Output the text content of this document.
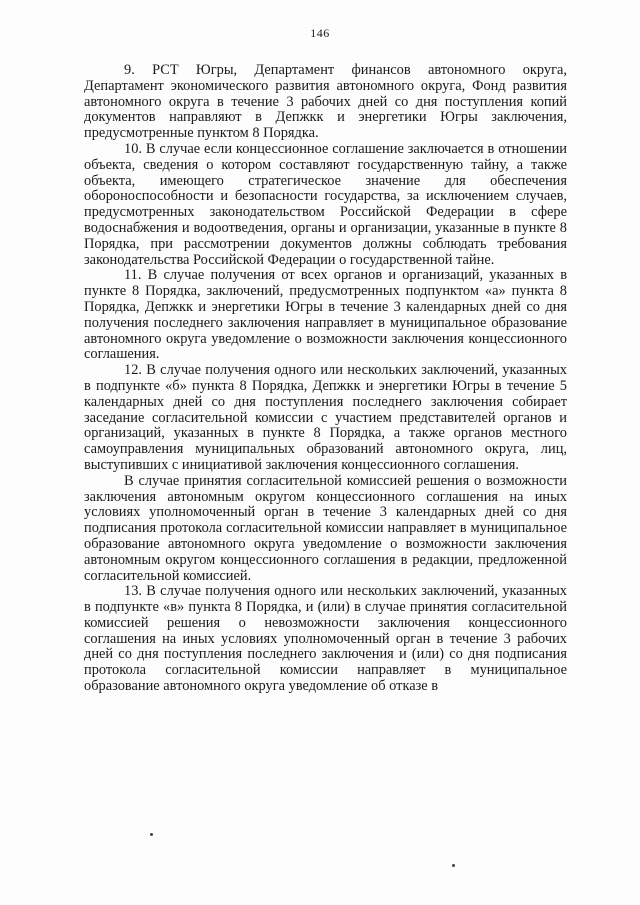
146

9. РСТ Югры, Департамент финансов автономного округа, Департамент экономического развития автономного округа, Фонд развития автономного округа в течение 3 рабочих дней со дня поступления копий документов направляют в Депжкк и энергетики Югры заключения, предусмотренные пунктом 8 Порядка.

10. В случае если концессионное соглашение заключается в отношении объекта, сведения о котором составляют государственную тайну, а также объекта, имеющего стратегическое значение для обеспечения обороноспособности и безопасности государства, за исключением случаев, предусмотренных законодательством Российской Федерации в сфере водоснабжения и водоотведения, органы и организации, указанные в пункте 8 Порядка, при рассмотрении документов должны соблюдать требования законодательства Российской Федерации о государственной тайне.

11. В случае получения от всех органов и организаций, указанных в пункте 8 Порядка, заключений, предусмотренных подпунктом «а» пункта 8 Порядка, Депжкк и энергетики Югры в течение 3 календарных дней со дня получения последнего заключения направляет в муниципальное образование автономного округа уведомление о возможности заключения концессионного соглашения.

12. В случае получения одного или нескольких заключений, указанных в подпункте «б» пункта 8 Порядка, Депжкк и энергетики Югры в течение 5 календарных дней со дня поступления последнего заключения собирает заседание согласительной комиссии с участием представителей органов и организаций, указанных в пункте 8 Порядка, а также органов местного самоуправления муниципальных образований автономного округа, лиц, выступивших с инициативой заключения концессионного соглашения.

В случае принятия согласительной комиссией решения о возможности заключения автономным округом концессионного соглашения на иных условиях уполномоченный орган в течение 3 календарных дней со дня подписания протокола согласительной комиссии направляет в муниципальное образование автономного округа уведомление о возможности заключения автономным округом концессионного соглашения в редакции, предложенной согласительной комиссией.

13. В случае получения одного или нескольких заключений, указанных в подпункте «в» пункта 8 Порядка, и (или) в случае принятия согласительной комиссией решения о невозможности заключения концессионного соглашения на иных условиях уполномоченный орган в течение 3 рабочих дней со дня поступления последнего заключения и (или) со дня подписания протокола согласительной комиссии направляет в муниципальное образование автономного округа уведомление об отказе в
